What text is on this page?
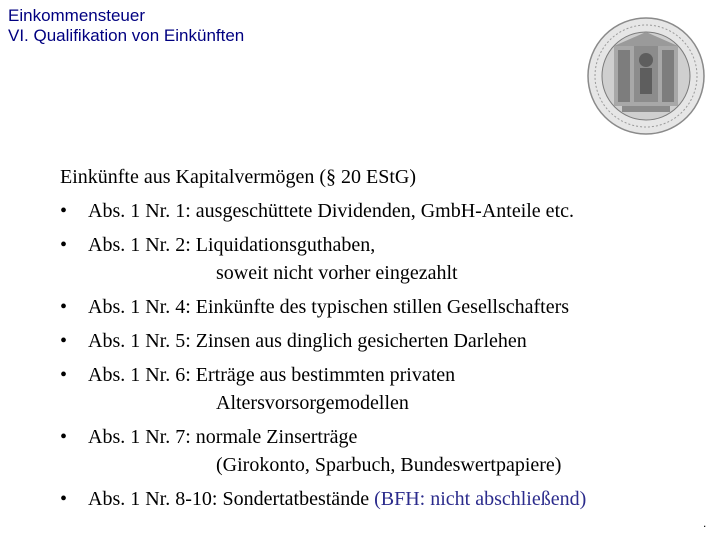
Einkommensteuer
VI. Qualifikation von Einkünften
Einkünfte aus Kapitalvermögen (§ 20 EStG)
• Abs. 1 Nr. 1: ausgeschüttete Dividenden, GmbH-Anteile etc.
• Abs. 1 Nr. 2: Liquidationsguthaben,
soweit nicht vorher eingezahlt
• Abs. 1 Nr. 4: Einkünfte des typischen stillen Gesellschafters
• Abs. 1 Nr. 5: Zinsen aus dinglich gesicherten Darlehen
• Abs. 1 Nr. 6: Erträge aus bestimmten privaten
Altersvorsorgemodellen
• Abs. 1 Nr. 7: normale Zinserträge
(Girokonto, Sparbuch, Bundeswertpapiere)
• Abs. 1 Nr. 8-10: Sondertatbestände (BFH: nicht abschließend)
.
